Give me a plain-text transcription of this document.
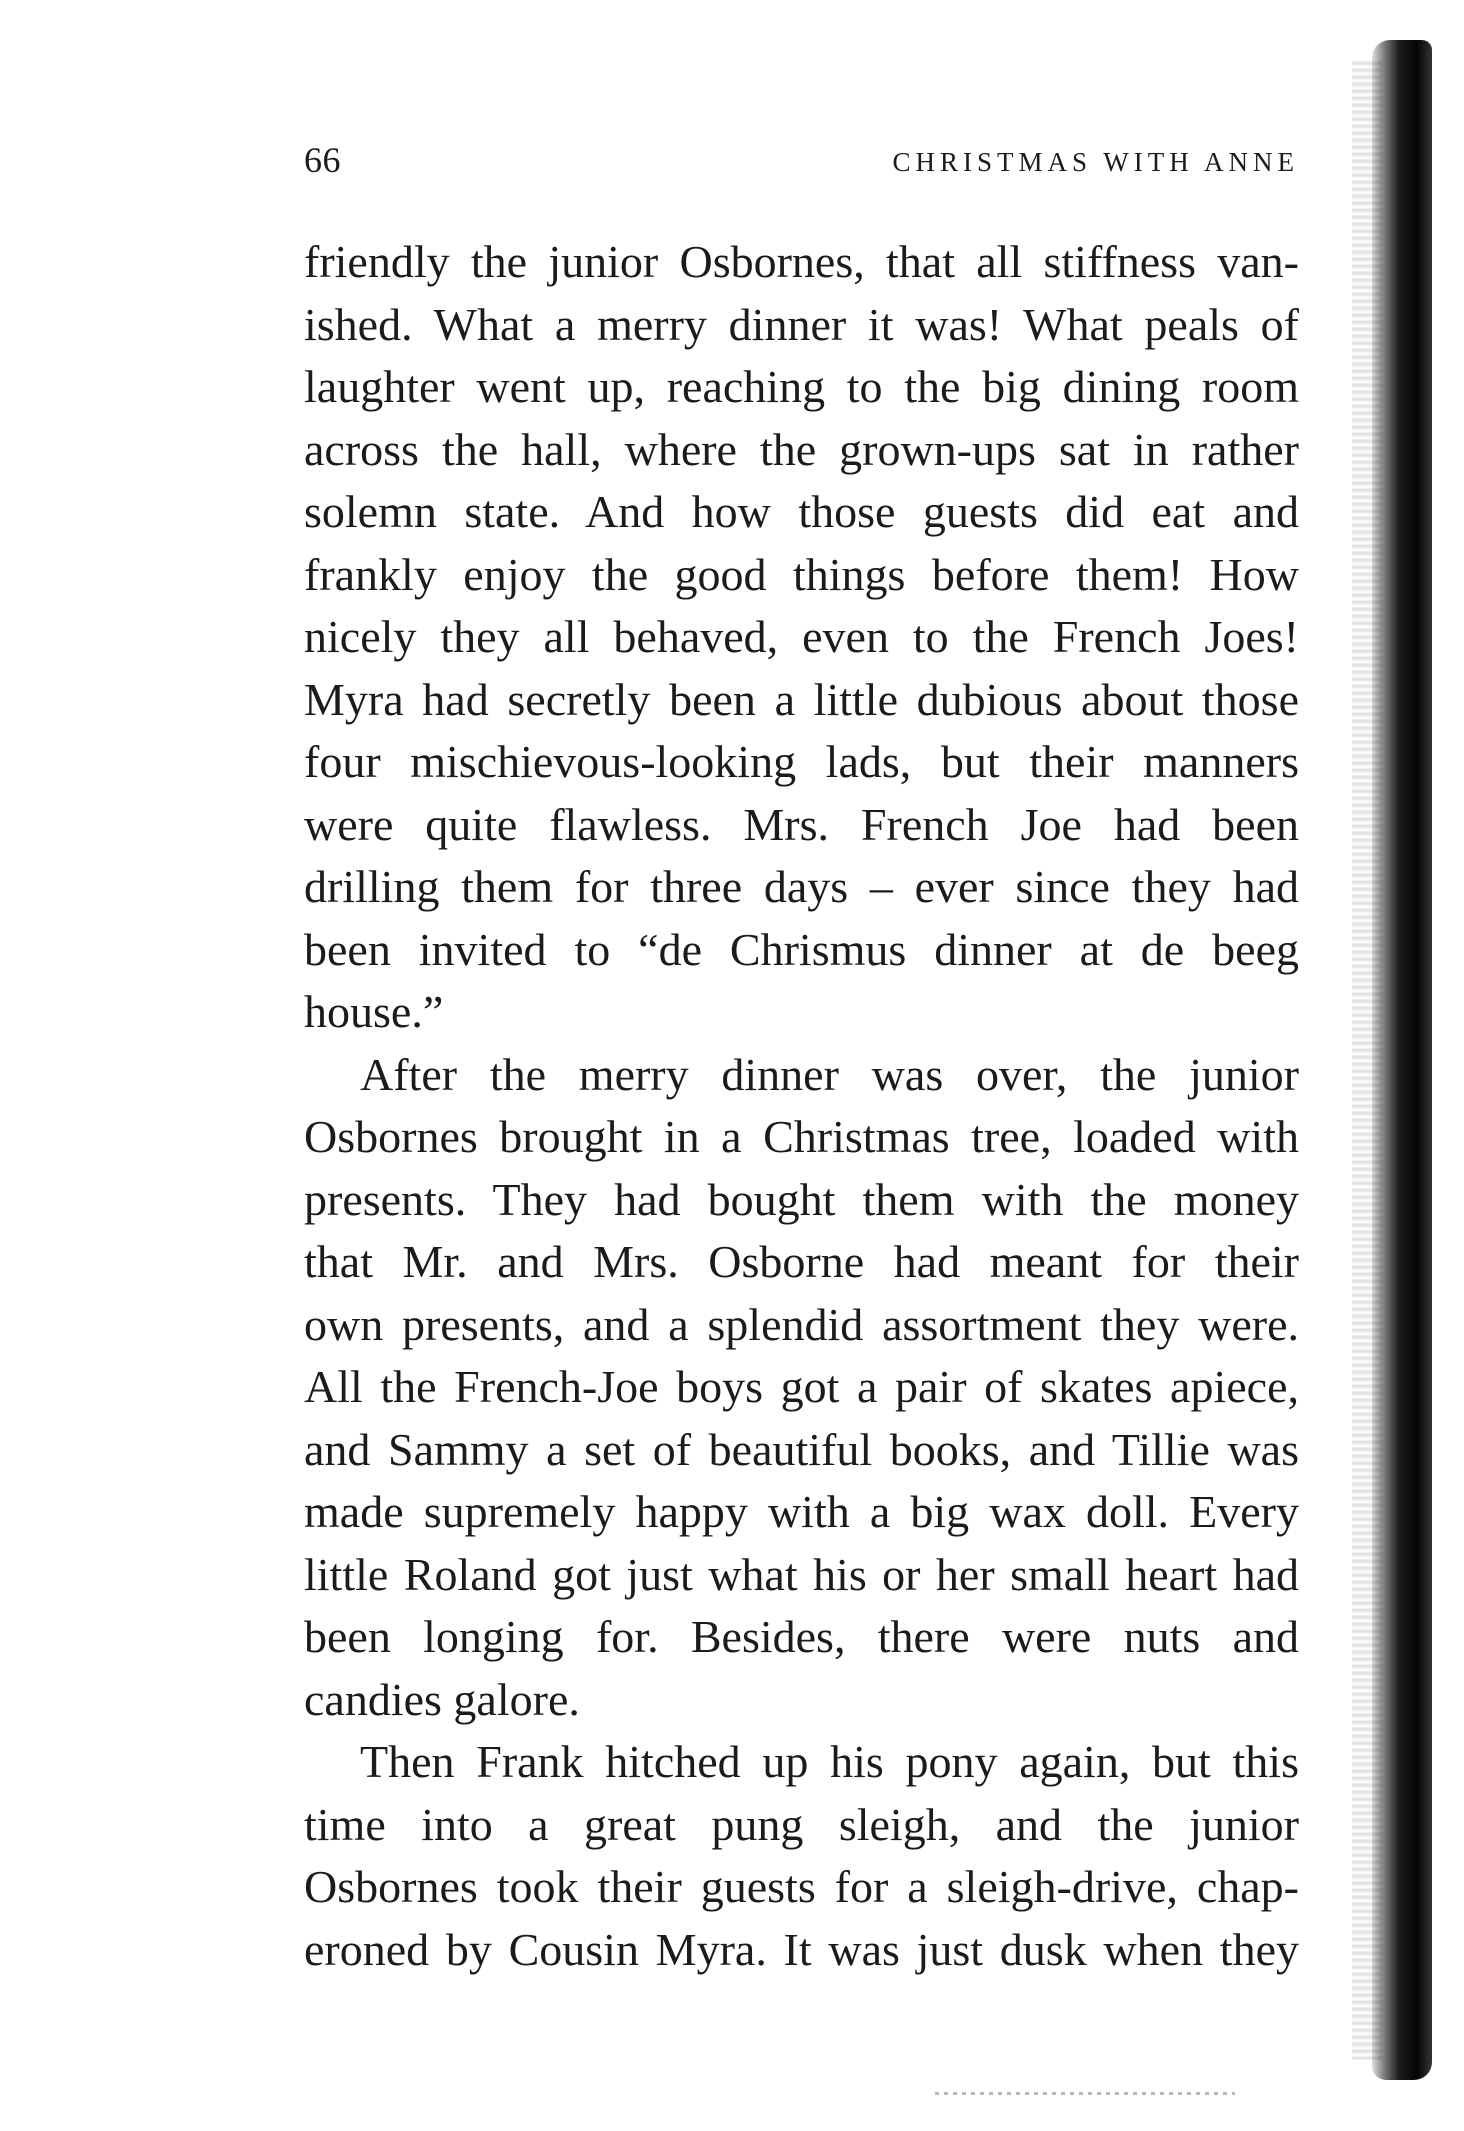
66	CHRISTMAS WITH ANNE
friendly the junior Osbornes, that all stiffness van-
ished. What a merry dinner it was! What peals of
laughter went up, reaching to the big dining room
across the hall, where the grown-ups sat in rather
solemn state. And how those guests did eat and
frankly enjoy the good things before them! How
nicely they all behaved, even to the French Joes!
Myra had secretly been a little dubious about those
four mischievous-looking lads, but their manners
were quite flawless. Mrs. French Joe had been
drilling them for three days – ever since they had
been invited to “de Chrismus dinner at de beeg
house.”
After the merry dinner was over, the junior
Osbornes brought in a Christmas tree, loaded with
presents. They had bought them with the money
that Mr. and Mrs. Osborne had meant for their
own presents, and a splendid assortment they were.
All the French-Joe boys got a pair of skates apiece,
and Sammy a set of beautiful books, and Tillie was
made supremely happy with a big wax doll. Every
little Roland got just what his or her small heart had
been longing for. Besides, there were nuts and
candies galore.
Then Frank hitched up his pony again, but this
time into a great pung sleigh, and the junior
Osbornes took their guests for a sleigh-drive, chap-
eroned by Cousin Myra. It was just dusk when they
